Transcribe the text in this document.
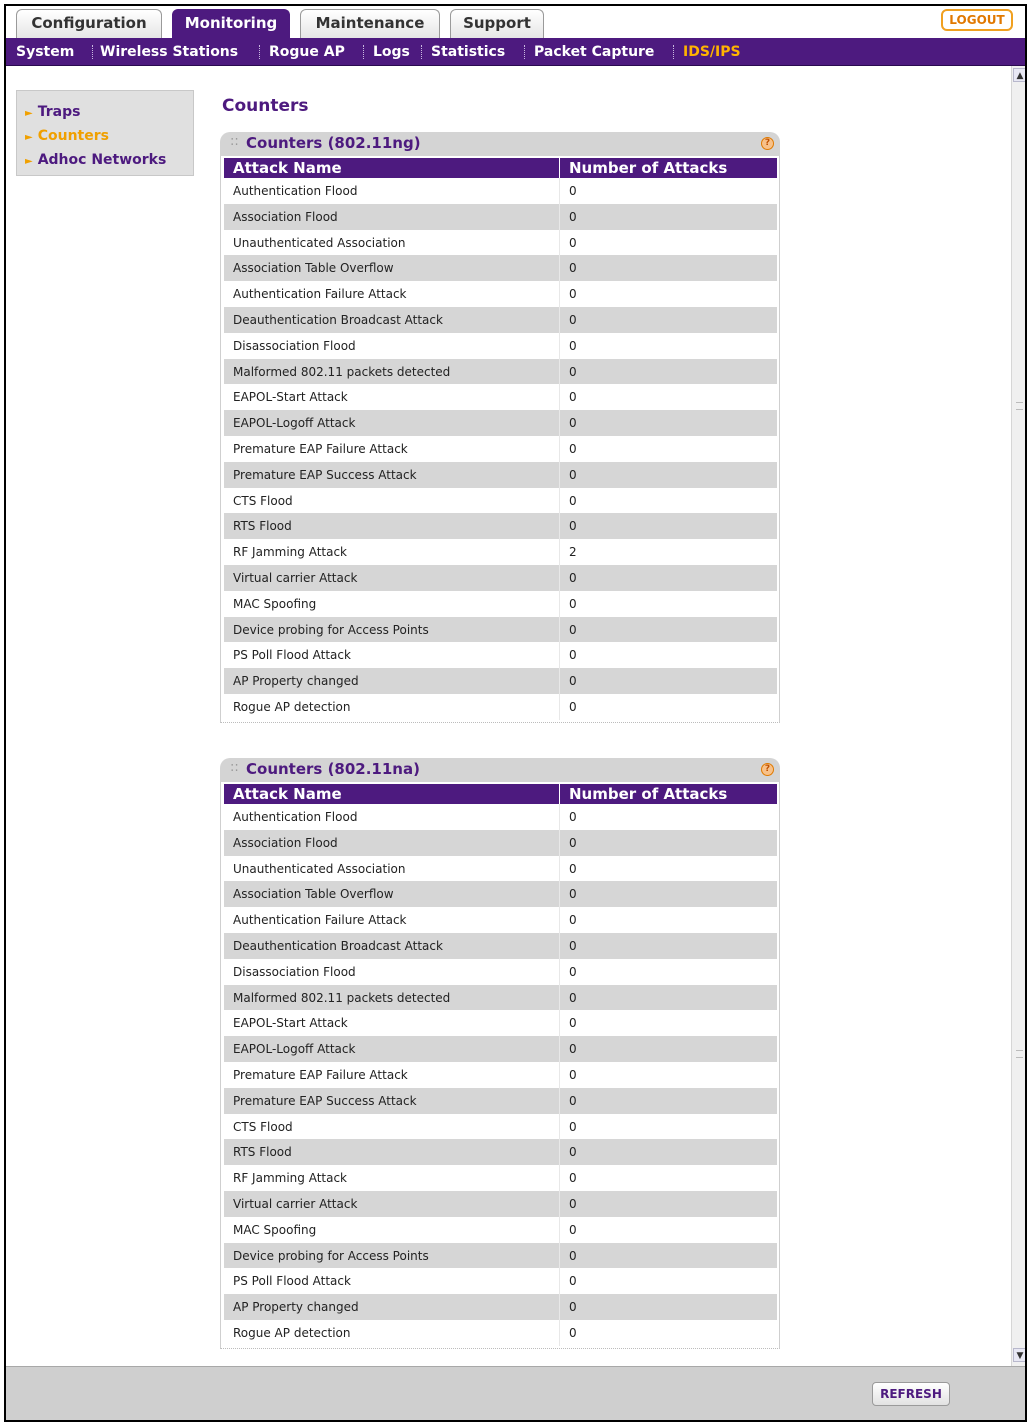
Configuration	Monitoring	Maintenance	Support	LOGOUT
System Wireless Stations Rogue AP Logs Statistics Packet Capture IDS/IPS
► Traps
► Counters
► Adhoc Networks
Counters
:: Counters (802.11ng)	?
Attack Name	Number of Attacks
Authentication Flood	0
Association Flood	0
Unauthenticated Association	0
Association Table Overflow	0
Authentication Failure Attack	0
Deauthentication Broadcast Attack	0
Disassociation Flood	0
Malformed 802.11 packets detected	0
EAPOL-Start Attack	0
EAPOL-Logoff Attack	0
Premature EAP Failure Attack	0
Premature EAP Success Attack	0
CTS Flood	0
RTS Flood	0
RF Jamming Attack	2
Virtual carrier Attack	0
MAC Spoofing	0
Device probing for Access Points	0
PS Poll Flood Attack	0
AP Property changed	0
Rogue AP detection	0
:: Counters (802.11na)	?
Attack Name	Number of Attacks
Authentication Flood	0
Association Flood	0
Unauthenticated Association	0
Association Table Overflow	0
Authentication Failure Attack	0
Deauthentication Broadcast Attack	0
Disassociation Flood	0
Malformed 802.11 packets detected	0
EAPOL-Start Attack	0
EAPOL-Logoff Attack	0
Premature EAP Failure Attack	0
Premature EAP Success Attack	0
CTS Flood	0
RTS Flood	0
RF Jamming Attack	0
Virtual carrier Attack	0
MAC Spoofing	0
Device probing for Access Points	0
PS Poll Flood Attack	0
AP Property changed	0
Rogue AP detection	0
▲
▼
REFRESH
